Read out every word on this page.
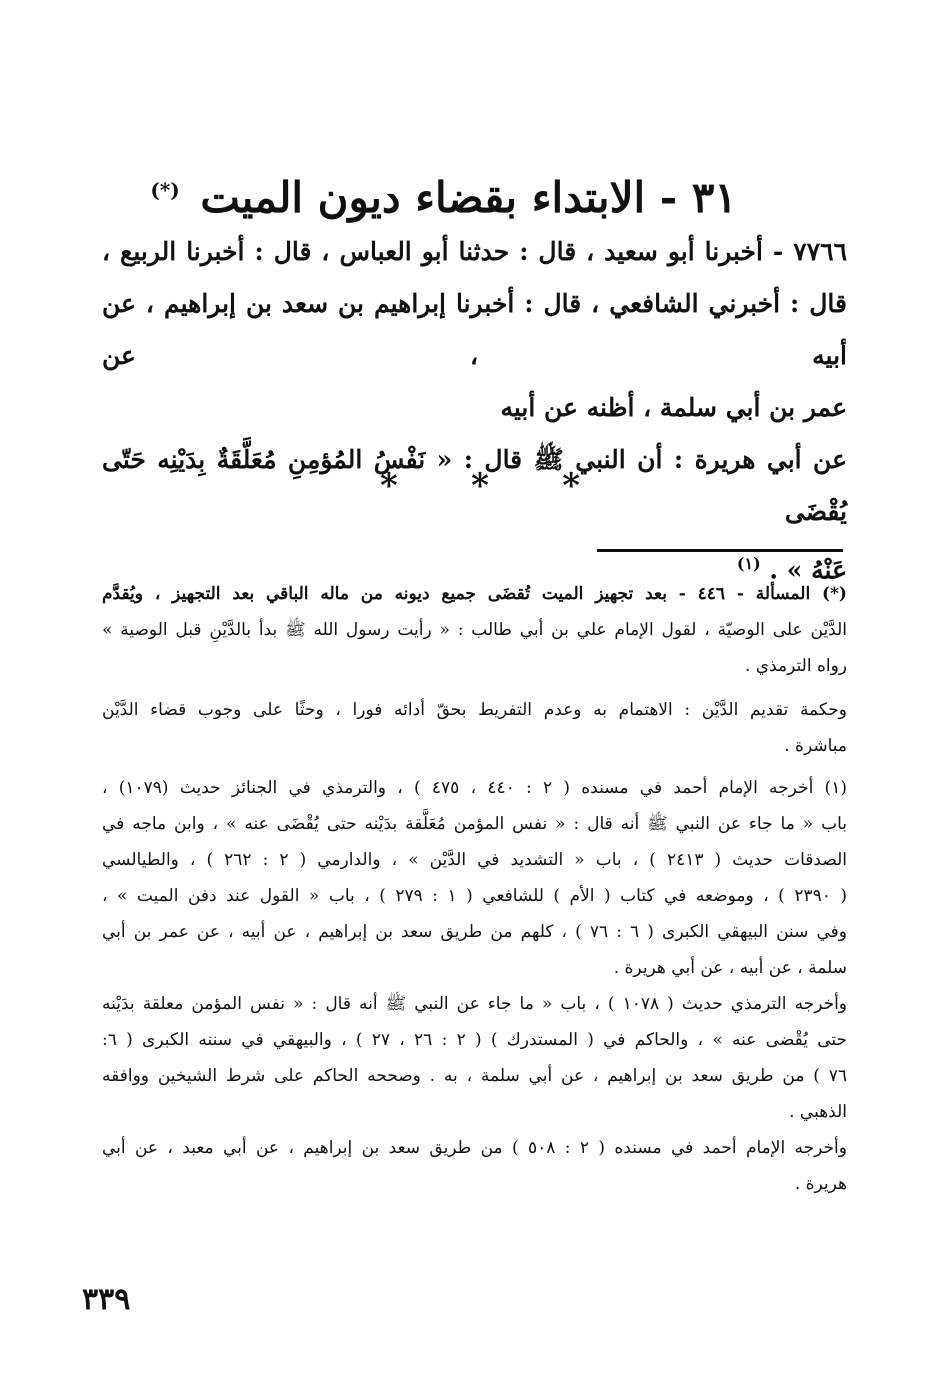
٣١ - الابتداء بقضاء ديون الميت (*)

٧٧٦٦ - أخبرنا أبو سعيد ، قال : حدثنا أبو العباس ، قال : أخبرنا الربيع ،

قال : أخبرني الشافعي ، قال : أخبرنا إبراهيم بن سعد بن إبراهيم ، عن أبيه ، عن

عمر بن أبي سلمة ، أظنه عن أبيه

عن أبي هريرة : أن النبي ﷺ قال : « نَفْسُ المُؤمِنِ مُعَلَّقَةٌ بِدَيْنِه حَتّى يُقْضَى

عَنْهُ » . $^{(١)}$

* * *

(*) المسألة - ٤٤٦ - بعد تجهيز الميت تُقضَى جميع ديونه من ماله الباقي بعد التجهيز ، ويُقدَّم

الدَّيْن على الوصيّة ، لقول الإمام علي بن أبي طالب : « رأيت رسول الله ﷺ بدأ بالدَّيْنِ قبل الوصية »

رواه الترمذي .

وحكمة تقديم الدَّيْن : الاهتمام به وعدم التفريط بحقّ أدائه فورا ، وحثًا على وجوب قضاء الدَّيْن

مباشرة .

(١) أخرجه الإمام أحمد في مسنده ( ٢ : ٤٤٠ ، ٤٧٥ ) ، والترمذي في الجنائز حديث (١٠٧٩) ،

باب « ما جاء عن النبي ﷺ أنه قال : « نفس المؤمن مُعَلَّقة بدَيْنه حتى يُقْضَى عنه » ، وابن ماجه في

الصدقات حديث ( ٢٤١٣ ) ، باب « التشديد في الدَّيْن » ، والدارمي ( ٢ : ٢٦٢ ) ، والطيالسي

( ٢٣٩٠ ) ، وموضعه في كتاب ( الأم ) للشافعي ( ١ : ٢٧٩ ) ، باب « القول عند دفن الميت » ،

وفي سنن البيهقي الكبرى ( ٦ : ٧٦ ) ، كلهم من طريق سعد بن إبراهيم ، عن أبيه ، عن عمر بن أبي

سلمة ، عن أبيه ، عن أبي هريرة .

وأخرجه الترمذي حديث ( ١٠٧٨ ) ، باب « ما جاء عن النبي ﷺ أنه قال : « نفس المؤمن معلقة بدَيْنه

حتى يُقْضى عنه » ، والحاكم في ( المستدرك ) ( ٢ : ٢٦ ، ٢٧ ) ، والبيهقي في سننه الكبرى ( ٦:

٧٦ ) من طريق سعد بن إبراهيم ، عن أبي سلمة ، به . وصححه الحاكم على شرط الشيخين ووافقه

الذهبي .

وأخرجه الإمام أحمد في مسنده ( ٢ : ٥٠٨ ) من طريق سعد بن إبراهيم ، عن أبي معبد ، عن أبي

هريرة .

٣٣٩
